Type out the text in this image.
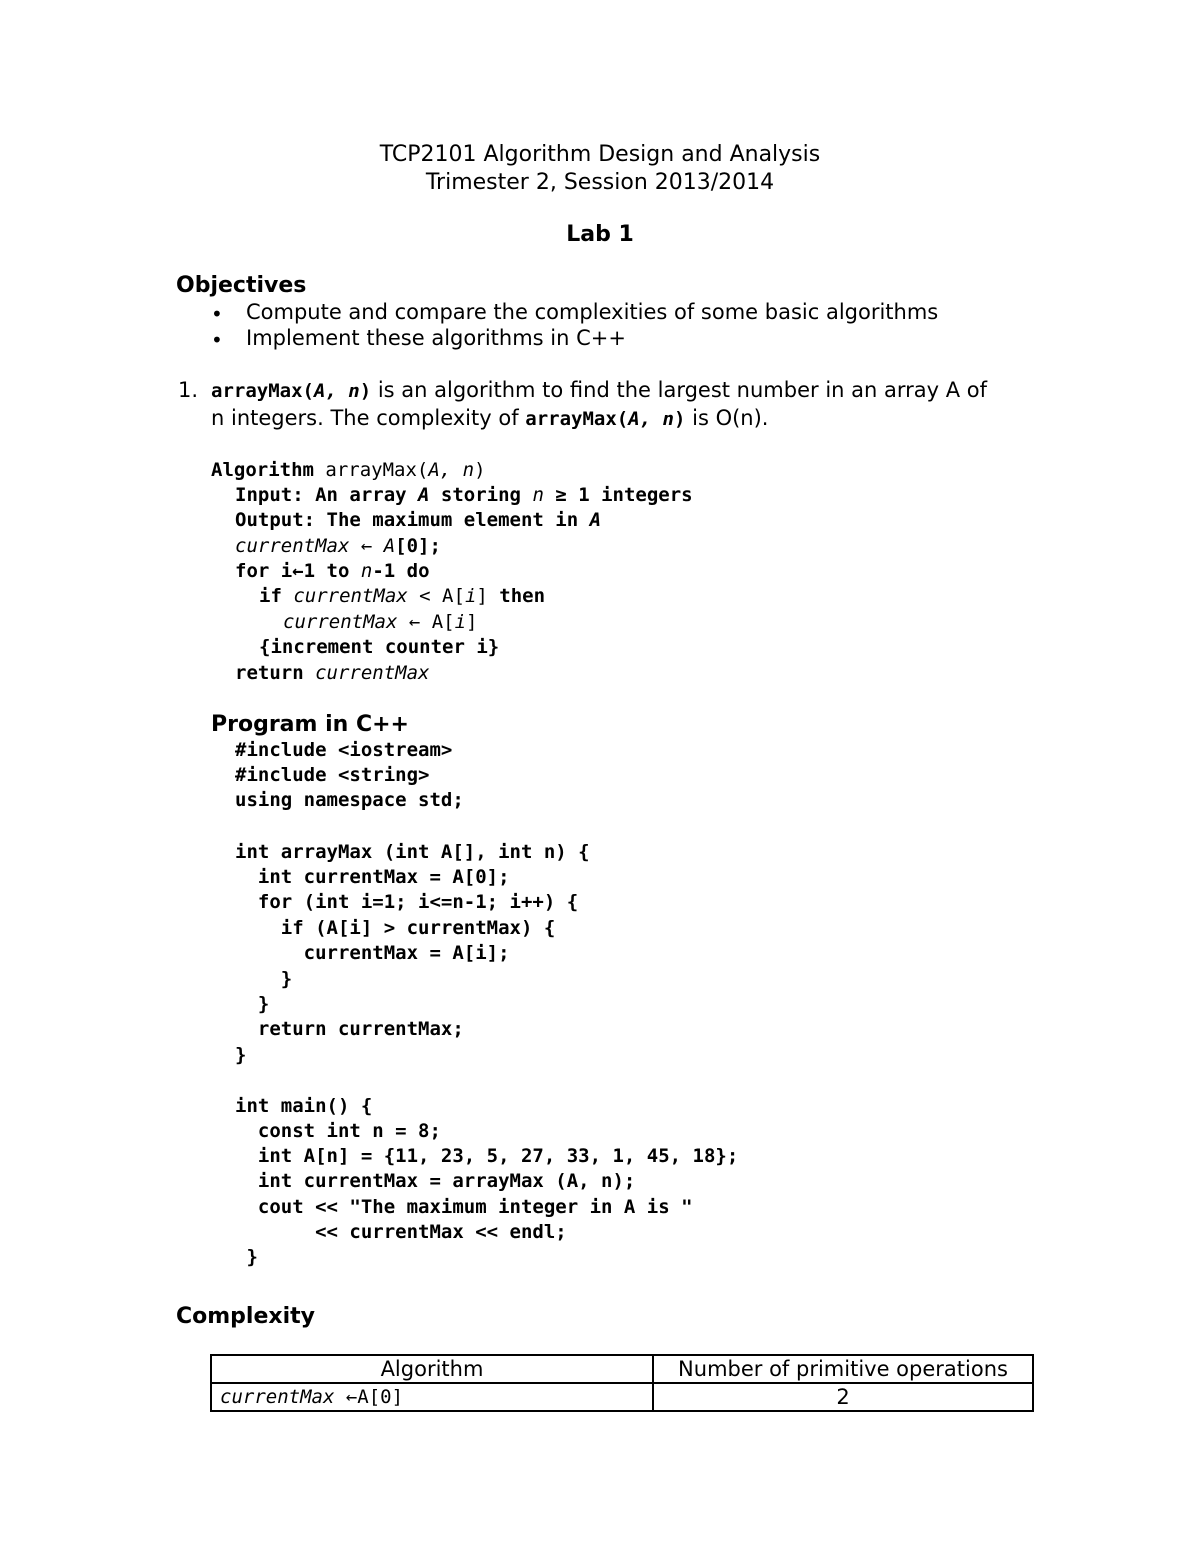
TCP2101 Algorithm Design and Analysis
Trimester 2, Session 2013/2014
Lab 1
Objectives
• Compute and compare the complexities of some basic algorithms
• Implement these algorithms in C++
1. arrayMax(A, n) is an algorithm to find the largest number in an array A of
n integers. The complexity of arrayMax(A, n) is O(n).
Algorithm arrayMax(A, n)
Input: An array A storing n ≥ 1 integers
Output: The maximum element in A
currentMax ← A[0];
for i←1 to n-1 do
if currentMax < A[i] then
currentMax ← A[i]
{increment counter i}
return currentMax
Program in C++
#include <iostream>
#include <string>
using namespace std;
int arrayMax (int A[], int n) {
int currentMax = A[0];
for (int i=1; i<=n-1; i++) {
if (A[i] > currentMax) {
currentMax = A[i];
}
}
return currentMax;
}
int main() {
const int n = 8;
int A[n] = {11, 23, 5, 27, 33, 1, 45, 18};
int currentMax = arrayMax (A, n);
cout << "The maximum integer in A is "
<< currentMax << endl;
}
Complexity
Algorithm	Number of primitive operations
currentMax ←A[0]	2
